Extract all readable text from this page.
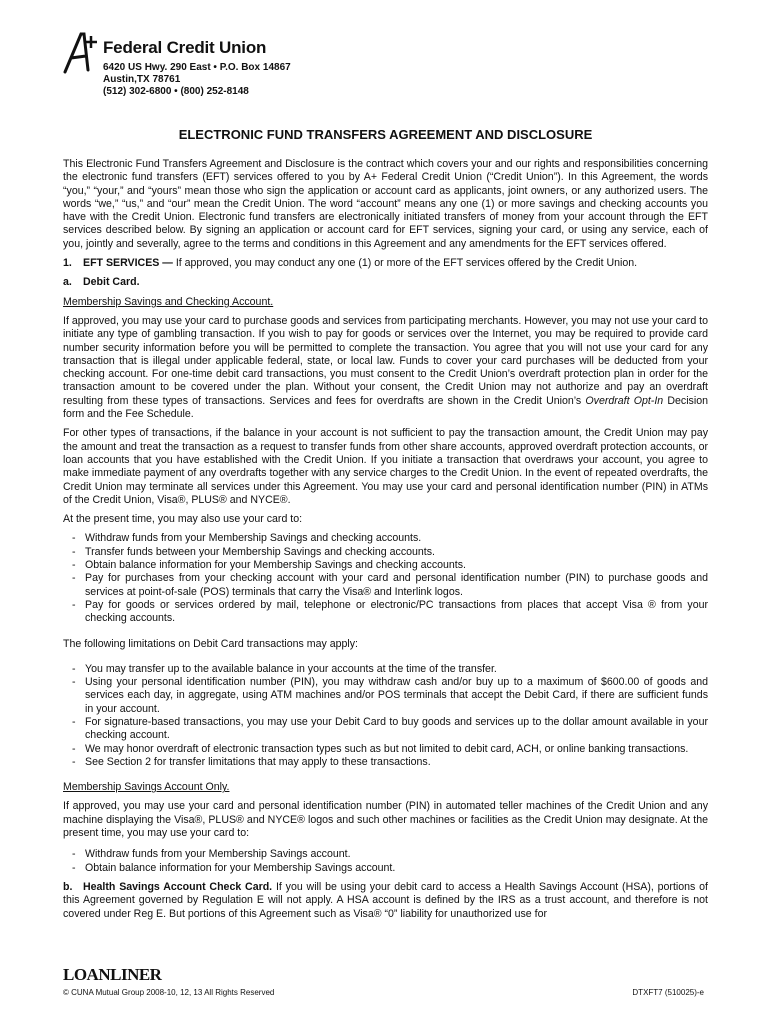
Federal Credit Union
6420 US Hwy. 290 East • P.O. Box 14867
Austin,TX 78761
(512) 302-6800 • (800) 252-8148
ELECTRONIC FUND TRANSFERS AGREEMENT AND DISCLOSURE

This Electronic Fund Transfers Agreement and Disclosure is the contract which covers your and our rights and responsibilities concerning the electronic fund transfers (EFT) services offered to you by A+ Federal Credit Union (“Credit Union”). In this Agreement, the words “you,” “your,” and “yours” mean those who sign the application or account card as applicants, joint owners, or any authorized users. The words “we,” “us,” and “our” mean the Credit Union. The word “account” means any one (1) or more savings and checking accounts you have with the Credit Union. Electronic fund transfers are electronically initiated transfers of money from your account through the EFT services described below. By signing an application or account card for EFT services, signing your card, or using any service, each of you, jointly and severally, agree to the terms and conditions in this Agreement and any amendments for the EFT services offered.

1. EFT SERVICES — If approved, you may conduct any one (1) or more of the EFT services offered by the Credit Union.

a. Debit Card.

Membership Savings and Checking Account.

If approved, you may use your card to purchase goods and services from participating merchants. However, you may not use your card to initiate any type of gambling transaction. If you wish to pay for goods or services over the Internet, you may be required to provide card number security information before you will be permitted to complete the transaction. You agree that you will not use your card for any transaction that is illegal under applicable federal, state, or local law. Funds to cover your card purchases will be deducted from your checking account. For one-time debit card transactions, you must consent to the Credit Union’s overdraft protection plan in order for the transaction amount to be covered under the plan. Without your consent, the Credit Union may not authorize and pay an overdraft resulting from these types of transactions. Services and fees for overdrafts are shown in the Credit Union’s Overdraft Opt-In Decision form and the Fee Schedule.

For other types of transactions, if the balance in your account is not sufficient to pay the transaction amount, the Credit Union may pay the amount and treat the transaction as a request to transfer funds from other share accounts, approved overdraft protection accounts, or loan accounts that you have established with the Credit Union. If you initiate a transaction that overdraws your account, you agree to make immediate payment of any overdrafts together with any service charges to the Credit Union. In the event of repeated overdrafts, the Credit Union may terminate all services under this Agreement. You may use your card and personal identification number (PIN) in ATMs of the Credit Union, Visa®, PLUS® and NYCE®.

At the present time, you may also use your card to:

- Withdraw funds from your Membership Savings and checking accounts.
- Transfer funds between your Membership Savings and checking accounts.
- Obtain balance information for your Membership Savings and checking accounts.
- Pay for purchases from your checking account with your card and personal identification number (PIN) to purchase goods and services at point-of-sale (POS) terminals that carry the Visa® and Interlink logos.
- Pay for goods or services ordered by mail, telephone or electronic/PC transactions from places that accept Visa ® from your checking accounts.

The following limitations on Debit Card transactions may apply:

- You may transfer up to the available balance in your accounts at the time of the transfer.
- Using your personal identification number (PIN), you may withdraw cash and/or buy up to a maximum of $600.00 of goods and services each day, in aggregate, using ATM machines and/or POS terminals that accept the Debit Card, if there are sufficient funds in your account.
- For signature-based transactions, you may use your Debit Card to buy goods and services up to the dollar amount available in your checking account.
- We may honor overdraft of electronic transaction types such as but not limited to debit card, ACH, or online banking transactions.
- See Section 2 for transfer limitations that may apply to these transactions.

Membership Savings Account Only.

If approved, you may use your card and personal identification number (PIN) in automated teller machines of the Credit Union and any machine displaying the Visa®, PLUS® and NYCE® logos and such other machines or facilities as the Credit Union may designate. At the present time, you may use your card to:

- Withdraw funds from your Membership Savings account.
- Obtain balance information for your Membership Savings account.

b. Health Savings Account Check Card. If you will be using your debit card to access a Health Savings Account (HSA), portions of this Agreement governed by Regulation E will not apply. A HSA account is defined by the IRS as a trust account, and therefore is not covered under Reg E. But portions of this Agreement such as Visa® “0” liability for unauthorized use for

LOANLINER
© CUNA Mutual Group 2008-10, 12, 13 All Rights Reserved	DTXFT7 (510025)-e
